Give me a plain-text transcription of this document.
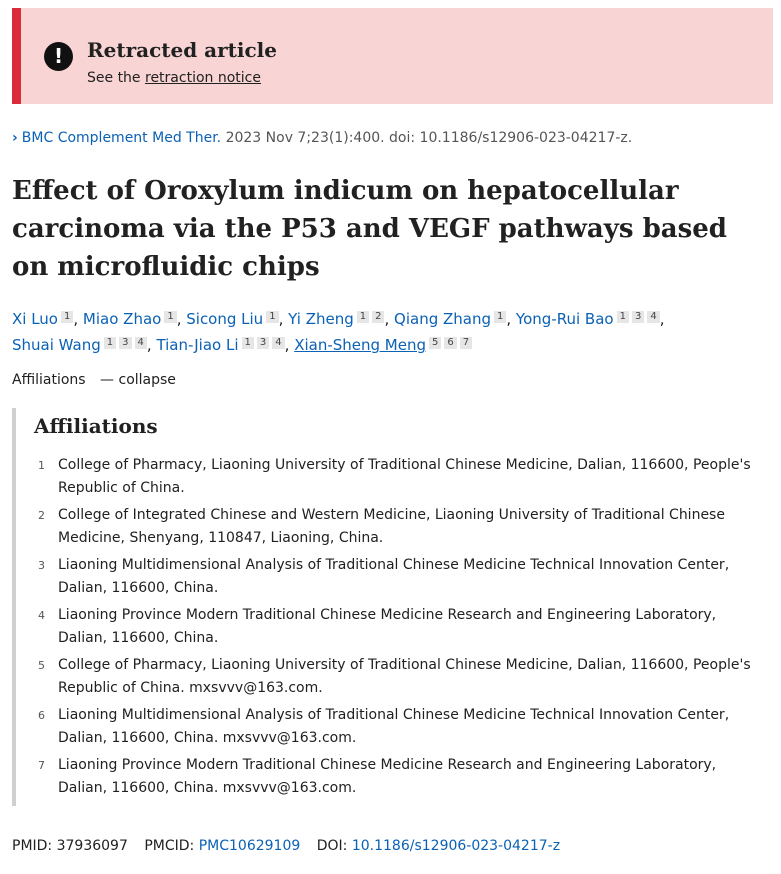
!	Retracted article
See the retraction notice
› BMC Complement Med Ther. 2023 Nov 7;23(1):400. doi: 10.1186/s12906-023-04217-z.
Effect of Oroxylum indicum on hepatocellular carcinoma via the P53 and VEGF pathways based on microfluidic chips
Xi Luo 1 , Miao Zhao 1 , Sicong Liu 1 , Yi Zheng 1 2 , Qiang Zhang 1 , Yong-Rui Bao 1 3 4 ,
Shuai Wang 1 3 4 , Tian-Jiao Li 1 3 4 , Xian-Sheng Meng 5 6 7
Affiliations — collapse
Affiliations
1 College of Pharmacy, Liaoning University of Traditional Chinese Medicine, Dalian, 116600, People's Republic of China.
2 College of Integrated Chinese and Western Medicine, Liaoning University of Traditional Chinese Medicine, Shenyang, 110847, Liaoning, China.
3 Liaoning Multidimensional Analysis of Traditional Chinese Medicine Technical Innovation Center, Dalian, 116600, China.
4 Liaoning Province Modern Traditional Chinese Medicine Research and Engineering Laboratory, Dalian, 116600, China.
5 College of Pharmacy, Liaoning University of Traditional Chinese Medicine, Dalian, 116600, People's Republic of China. mxsvvv@163.com.
6 Liaoning Multidimensional Analysis of Traditional Chinese Medicine Technical Innovation Center, Dalian, 116600, China. mxsvvv@163.com.
7 Liaoning Province Modern Traditional Chinese Medicine Research and Engineering Laboratory, Dalian, 116600, China. mxsvvv@163.com.
PMID: 37936097 PMCID: PMC10629109 DOI: 10.1186/s12906-023-04217-z
